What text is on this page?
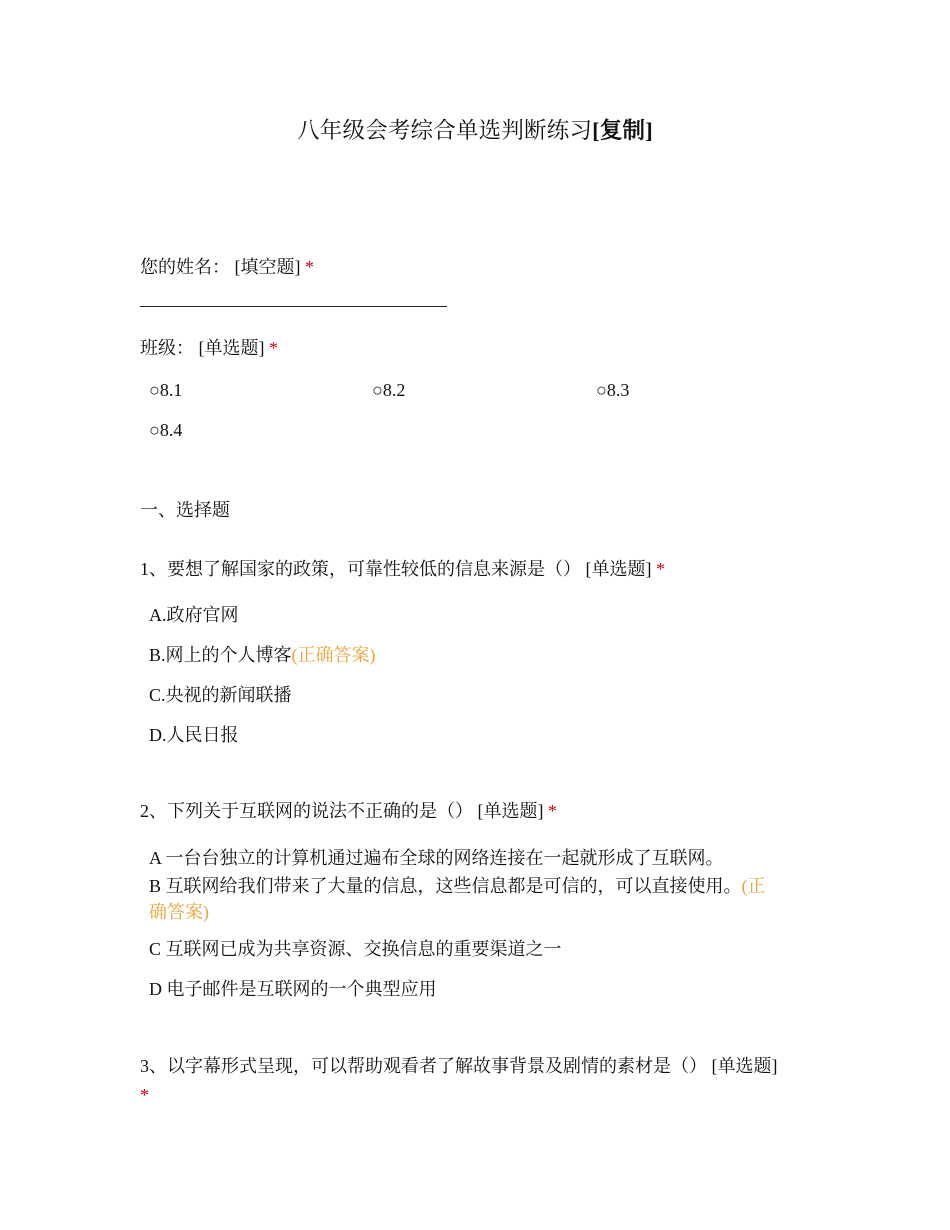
八年级会考综合单选判断练习[复制]
您的姓名： [填空题] *
班级： [单选题] *
○8.1	○8.2	○8.3
○8.4
一、选择题
1、要想了解国家的政策，可靠性较低的信息来源是（） [单选题] *
A.政府官网
B.网上的个人博客(正确答案)
C.央视的新闻联播
D.人民日报
2、下列关于互联网的说法不正确的是（） [单选题] *
A 一台台独立的计算机通过遍布全球的网络连接在一起就形成了互联网。
B 互联网给我们带来了大量的信息，这些信息都是可信的，可以直接使用。(正
确答案)
C 互联网已成为共享资源、交换信息的重要渠道之一
D 电子邮件是互联网的一个典型应用
3、以字幕形式呈现，可以帮助观看者了解故事背景及剧情的素材是（） [单选题]
*
